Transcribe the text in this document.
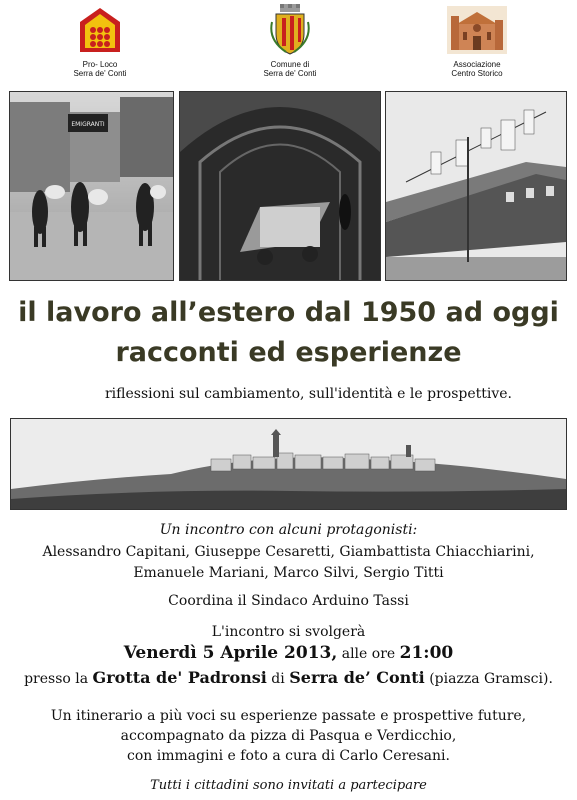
Pro- Loco
Serra de' Conti
Comune di
Serra de' Conti
Associazione
Centro Storico
EMIGRANTI
il lavoro all’estero dal 1950 ad oggi
racconti ed esperienze
riflessioni sul cambiamento, sull'identità e le prospettive.
Un incontro con alcuni protagonisti:
Alessandro Capitani, Giuseppe Cesaretti, Giambattista Chiacchiarini,
Emanuele Mariani, Marco Silvi, Sergio Titti
Coordina il Sindaco Arduino Tassi
L'incontro si svolgerà
Venerdì 5 Aprile 2013, alle ore 21:00
presso la Grotta de' Padronsi di Serra de’ Conti (piazza Gramsci).
Un itinerario a più voci su esperienze passate e prospettive future,
accompagnato da pizza di Pasqua e Verdicchio,
con immagini e foto a cura di Carlo Ceresani.
Tutti i cittadini sono invitati a partecipare
